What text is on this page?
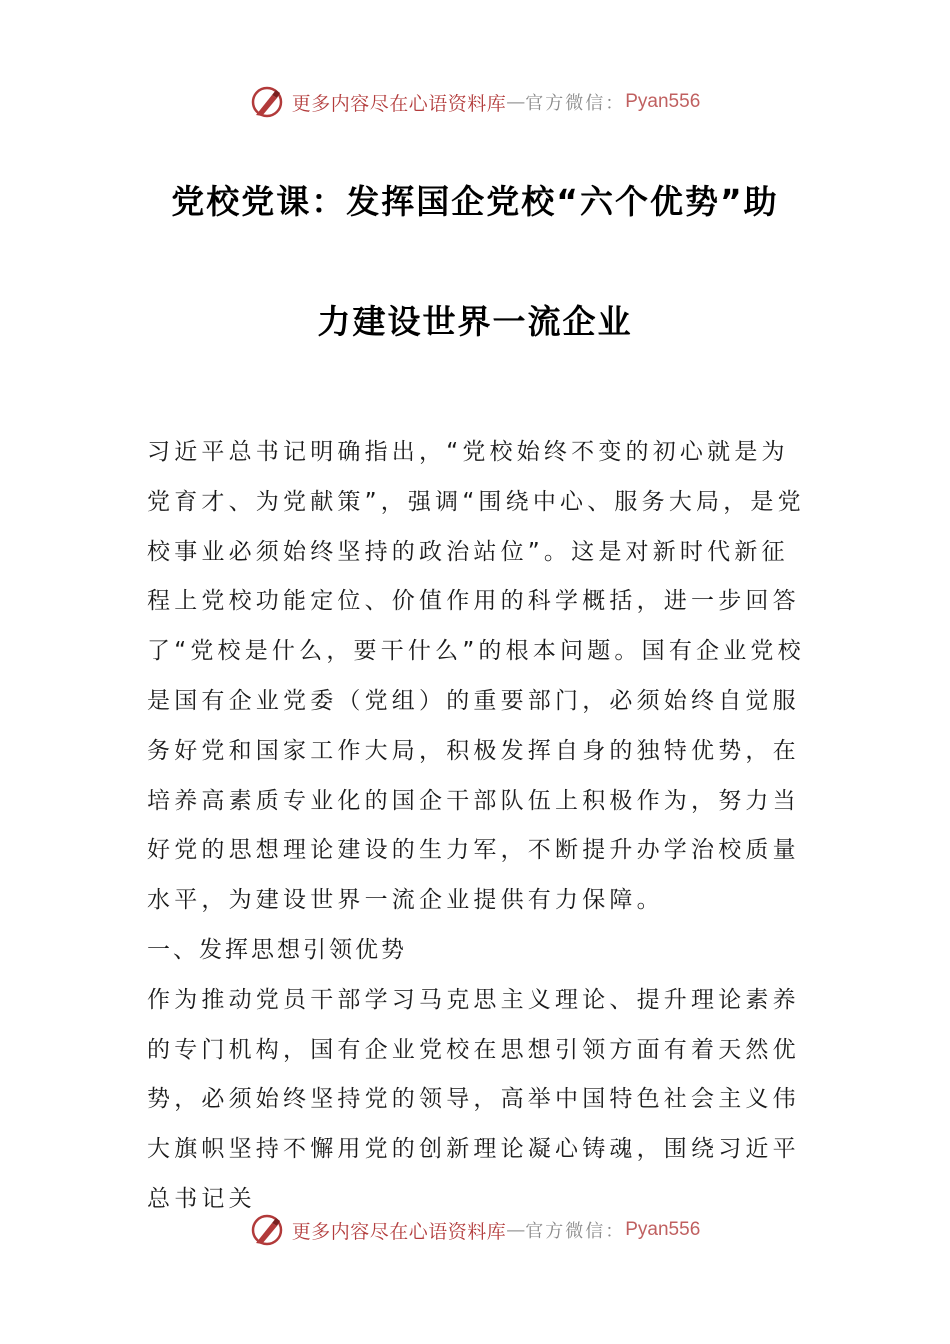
更多内容尽在心语资料库 — 官方微信： Pyan556
党校党课：发挥国企党校“六个优势”助
力建设世界一流企业

习近平总书记明确指出，“党校始终不变的初心就是为党育才、为党献策”，强调“围绕中心、服务大局，是党校事业必须始终坚持的政治站位”。这是对新时代新征程上党校功能定位、价值作用的科学概括，进一步回答了“党校是什么，要干什么”的根本问题。国有企业党校是国有企业党委（党组）的重要部门，必须始终自觉服务好党和国家工作大局，积极发挥自身的独特优势，在培养高素质专业化的国企干部队伍上积极作为，努力当好党的思想理论建设的生力军，不断提升办学治校质量水平，为建设世界一流企业提供有力保障。

一、发挥思想引领优势

作为推动党员干部学习马克思主义理论、提升理论素养的专门机构，国有企业党校在思想引领方面有着天然优势，必须始终坚持党的领导，高举中国特色社会主义伟大旗帜坚持不懈用党的创新理论凝心铸魂，围绕习近平总书记关

更多内容尽在心语资料库 — 官方微信： Pyan556
